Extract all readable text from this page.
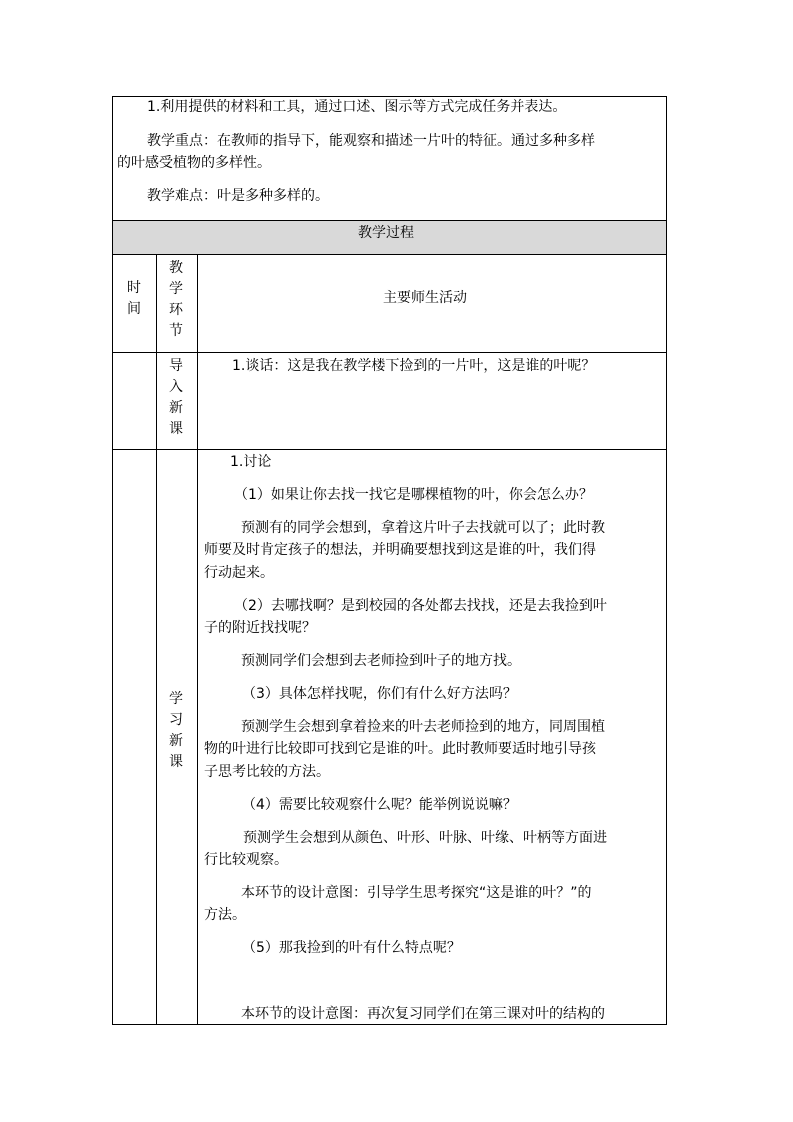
1.利用提供的材料和工具，通过口述、图示等方式完成任务并表达。
教学重点：在教师的指导下，能观察和描述一片叶的特征。通过多种多样
的叶感受植物的多样性。
教学难点：叶是多种多样的。
教学过程
时
间
教
学
环
节
主要师生活动
导
入
新
课
1.谈话：这是我在教学楼下捡到的一片叶，这是谁的叶呢？
学
习
新
课
1.讨论
（1）如果让你去找一找它是哪棵植物的叶，你会怎么办？
预测有的同学会想到，拿着这片叶子去找就可以了；此时教
师要及时肯定孩子的想法，并明确要想找到这是谁的叶，我们得
行动起来。
（2）去哪找啊？是到校园的各处都去找找，还是去我捡到叶
子的附近找找呢？
预测同学们会想到去老师捡到叶子的地方找。
（3）具体怎样找呢，你们有什么好方法吗？
预测学生会想到拿着捡来的叶去老师捡到的地方，同周围植
物的叶进行比较即可找到它是谁的叶。此时教师要适时地引导孩
子思考比较的方法。
（4）需要比较观察什么呢？能举例说说嘛？
预测学生会想到从颜色、叶形、叶脉、叶缘、叶柄等方面进
行比较观察。
本环节的设计意图：引导学生思考探究“这是谁的叶？”的
方法。
（5）那我捡到的叶有什么特点呢？
本环节的设计意图：再次复习同学们在第三课对叶的结构的
